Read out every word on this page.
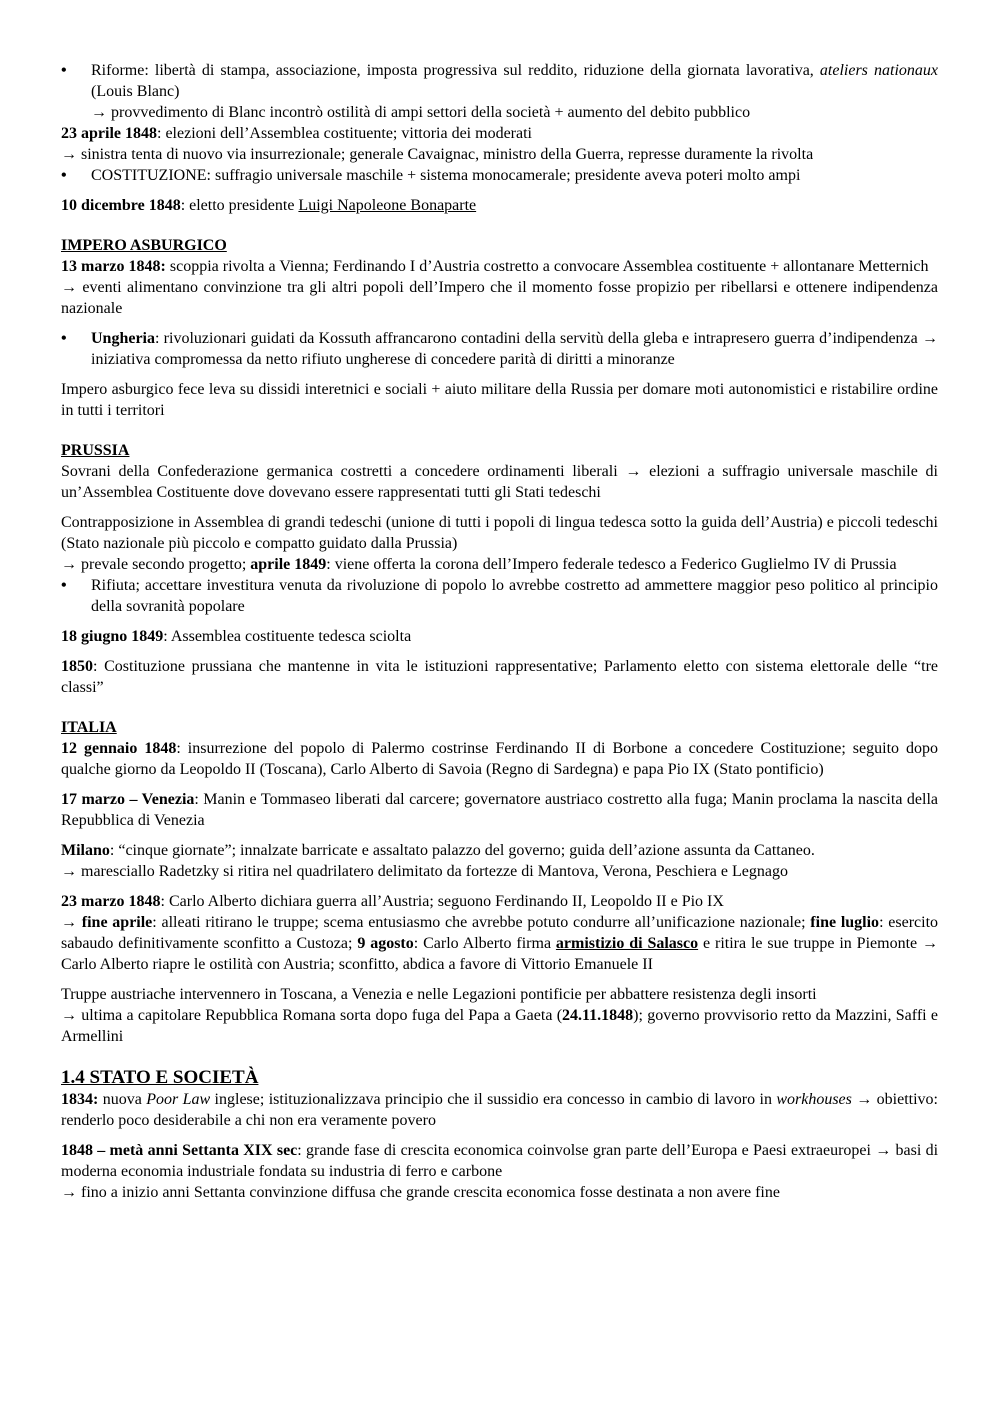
• Riforme: libertà di stampa, associazione, imposta progressiva sul reddito, riduzione della giornata lavorativa, ateliers nationaux (Louis Blanc)

→ provvedimento di Blanc incontrò ostilità di ampi settori della società + aumento del debito pubblico

23 aprile 1848: elezioni dell’Assemblea costituente; vittoria dei moderati

→ sinistra tenta di nuovo via insurrezionale; generale Cavaignac, ministro della Guerra, represse duramente la rivolta

• COSTITUZIONE: suffragio universale maschile + sistema monocamerale; presidente aveva poteri molto ampi

10 dicembre 1848: eletto presidente Luigi Napoleone Bonaparte

IMPERO ASBURGICO

13 marzo 1848: scoppia rivolta a Vienna; Ferdinando I d’Austria costretto a convocare Assemblea costituente + allontanare Metternich

→ eventi alimentano convinzione tra gli altri popoli dell’Impero che il momento fosse propizio per ribellarsi e ottenere indipendenza nazionale

• Ungheria: rivoluzionari guidati da Kossuth affrancarono contadini della servitù della gleba e intrapresero guerra d’indipendenza → iniziativa compromessa da netto rifiuto ungherese di concedere parità di diritti a minoranze

Impero asburgico fece leva su dissidi interetnici e sociali + aiuto militare della Russia per domare moti autonomistici e ristabilire ordine in tutti i territori

PRUSSIA

Sovrani della Confederazione germanica costretti a concedere ordinamenti liberali → elezioni a suffragio universale maschile di un’Assemblea Costituente dove dovevano essere rappresentati tutti gli Stati tedeschi

Contrapposizione in Assemblea di grandi tedeschi (unione di tutti i popoli di lingua tedesca sotto la guida dell’Austria) e piccoli tedeschi (Stato nazionale più piccolo e compatto guidato dalla Prussia)

→ prevale secondo progetto; aprile 1849: viene offerta la corona dell’Impero federale tedesco a Federico Guglielmo IV di Prussia

• Rifiuta; accettare investitura venuta da rivoluzione di popolo lo avrebbe costretto ad ammettere maggior peso politico al principio della sovranità popolare

18 giugno 1849: Assemblea costituente tedesca sciolta

1850: Costituzione prussiana che mantenne in vita le istituzioni rappresentative; Parlamento eletto con sistema elettorale delle “tre classi”

ITALIA

12 gennaio 1848: insurrezione del popolo di Palermo costrinse Ferdinando II di Borbone a concedere Costituzione; seguito dopo qualche giorno da Leopoldo II (Toscana), Carlo Alberto di Savoia (Regno di Sardegna) e papa Pio IX (Stato pontificio)

17 marzo – Venezia: Manin e Tommaseo liberati dal carcere; governatore austriaco costretto alla fuga; Manin proclama la nascita della Repubblica di Venezia

Milano: “cinque giornate”; innalzate barricate e assaltato palazzo del governo; guida dell’azione assunta da Cattaneo.

→ maresciallo Radetzky si ritira nel quadrilatero delimitato da fortezze di Mantova, Verona, Peschiera e Legnago

23 marzo 1848: Carlo Alberto dichiara guerra all’Austria; seguono Ferdinando II, Leopoldo II e Pio IX

→ fine aprile: alleati ritirano le truppe; scema entusiasmo che avrebbe potuto condurre all’unificazione nazionale; fine luglio: esercito sabaudo definitivamente sconfitto a Custoza; 9 agosto: Carlo Alberto firma armistizio di Salasco e ritira le sue truppe in Piemonte → Carlo Alberto riapre le ostilità con Austria; sconfitto, abdica a favore di Vittorio Emanuele II

Truppe austriache intervennero in Toscana, a Venezia e nelle Legazioni pontificie per abbattere resistenza degli insorti

→ ultima a capitolare Repubblica Romana sorta dopo fuga del Papa a Gaeta (24.11.1848); governo provvisorio retto da Mazzini, Saffi e Armellini

1.4 STATO E SOCIETÀ

1834: nuova Poor Law inglese; istituzionalizzava principio che il sussidio era concesso in cambio di lavoro in workhouses → obiettivo: renderlo poco desiderabile a chi non era veramente povero

1848 – metà anni Settanta XIX sec: grande fase di crescita economica coinvolse gran parte dell’Europa e Paesi extraeuropei → basi di moderna economia industriale fondata su industria di ferro e carbone

→ fino a inizio anni Settanta convinzione diffusa che grande crescita economica fosse destinata a non avere fine
